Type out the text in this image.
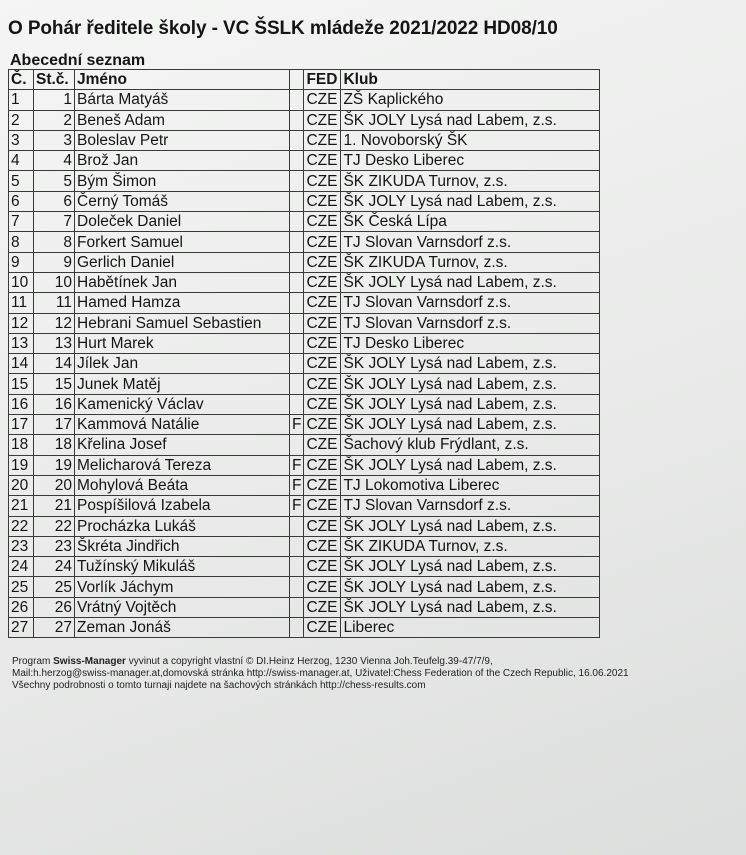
O Pohár ředitele školy - VC ŠSLK mládeže 2021/2022 HD08/10
Abecední seznam
Č.	St.č.	Jméno		FED	Klub
1	1	Bárta Matyáš		CZE	ZŠ Kaplického
2	2	Beneš Adam		CZE	ŠK JOLY Lysá nad Labem, z.s.
3	3	Boleslav Petr		CZE	1. Novoborský ŠK
4	4	Brož Jan		CZE	TJ Desko Liberec
5	5	Bým Šimon		CZE	ŠK ZIKUDA Turnov, z.s.
6	6	Černý Tomáš		CZE	ŠK JOLY Lysá nad Labem, z.s.
7	7	Doleček Daniel		CZE	ŠK Česká Lípa
8	8	Forkert Samuel		CZE	TJ Slovan Varnsdorf z.s.
9	9	Gerlich Daniel		CZE	ŠK ZIKUDA Turnov, z.s.
10	10	Habětínek Jan		CZE	ŠK JOLY Lysá nad Labem, z.s.
11	11	Hamed Hamza		CZE	TJ Slovan Varnsdorf z.s.
12	12	Hebrani Samuel Sebastien		CZE	TJ Slovan Varnsdorf z.s.
13	13	Hurt Marek		CZE	TJ Desko Liberec
14	14	Jílek Jan		CZE	ŠK JOLY Lysá nad Labem, z.s.
15	15	Junek Matěj		CZE	ŠK JOLY Lysá nad Labem, z.s.
16	16	Kamenický Václav		CZE	ŠK JOLY Lysá nad Labem, z.s.
17	17	Kammová Natálie	F	CZE	ŠK JOLY Lysá nad Labem, z.s.
18	18	Křelina Josef		CZE	Šachový klub Frýdlant, z.s.
19	19	Melicharová Tereza	F	CZE	ŠK JOLY Lysá nad Labem, z.s.
20	20	Mohylová Beáta	F	CZE	TJ Lokomotiva Liberec
21	21	Pospíšilová Izabela	F	CZE	TJ Slovan Varnsdorf z.s.
22	22	Procházka Lukáš		CZE	ŠK JOLY Lysá nad Labem, z.s.
23	23	Škréta Jindřich		CZE	ŠK ZIKUDA Turnov, z.s.
24	24	Tužínský Mikuláš		CZE	ŠK JOLY Lysá nad Labem, z.s.
25	25	Vorlík Jáchym		CZE	ŠK JOLY Lysá nad Labem, z.s.
26	26	Vrátný Vojtěch		CZE	ŠK JOLY Lysá nad Labem, z.s.
27	27	Zeman Jonáš		CZE	Liberec
Program Swiss-Manager vyvinut a copyright vlastní © DI.Heinz Herzog, 1230 Vienna Joh.Teufelg.39-47/7/9,
Mail:h.herzog@swiss-manager.at,domovská stránka http://swiss-manager.at, Uživatel:Chess Federation of the Czech Republic, 16.06.2021
Všechny podrobnosti o tomto turnaji najdete na šachových stránkách http://chess-results.com
